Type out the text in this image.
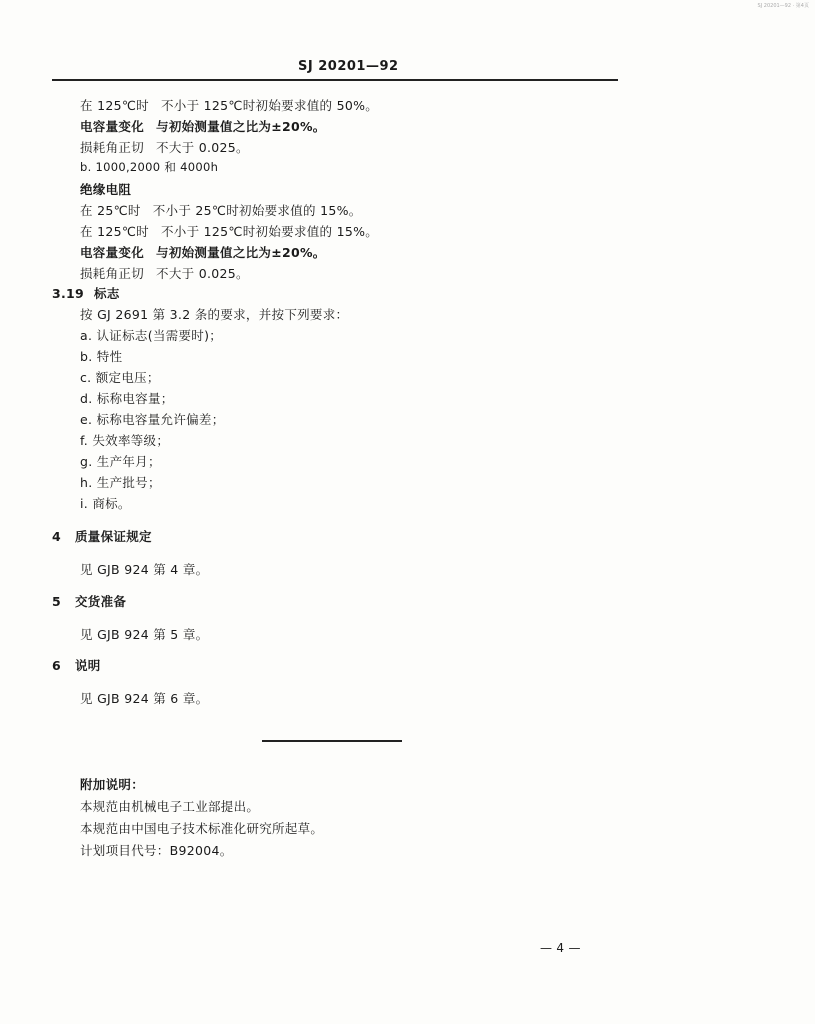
SJ 20201—92 · 第4页
SJ 20201—92
在 125℃时 不小于 125℃时初始要求值的 50%。
电容量变化 与初始测量值之比为±20%。
损耗角正切 不大于 0.025。
b. 1000,2000 和 4000h
绝缘电阻
在 25℃时 不小于 25℃时初始要求值的 15%。
在 125℃时 不小于 125℃时初始要求值的 15%。
电容量变化 与初始测量值之比为±20%。
损耗角正切 不大于 0.025。
3.19 标志
按 GJ 2691 第 3.2 条的要求，并按下列要求：
a. 认证标志(当需要时)；
b. 特性
c. 额定电压；
d. 标称电容量；
e. 标称电容量允许偏差；
f. 失效率等级；
g. 生产年月；
h. 生产批号；
i. 商标。
4 质量保证规定
见 GJB 924 第 4 章。
5 交货准备
见 GJB 924 第 5 章。
6 说明
见 GJB 924 第 6 章。
附加说明：
本规范由机械电子工业部提出。
本规范由中国电子技术标准化研究所起草。
计划项目代号：B92004。
— 4 —
